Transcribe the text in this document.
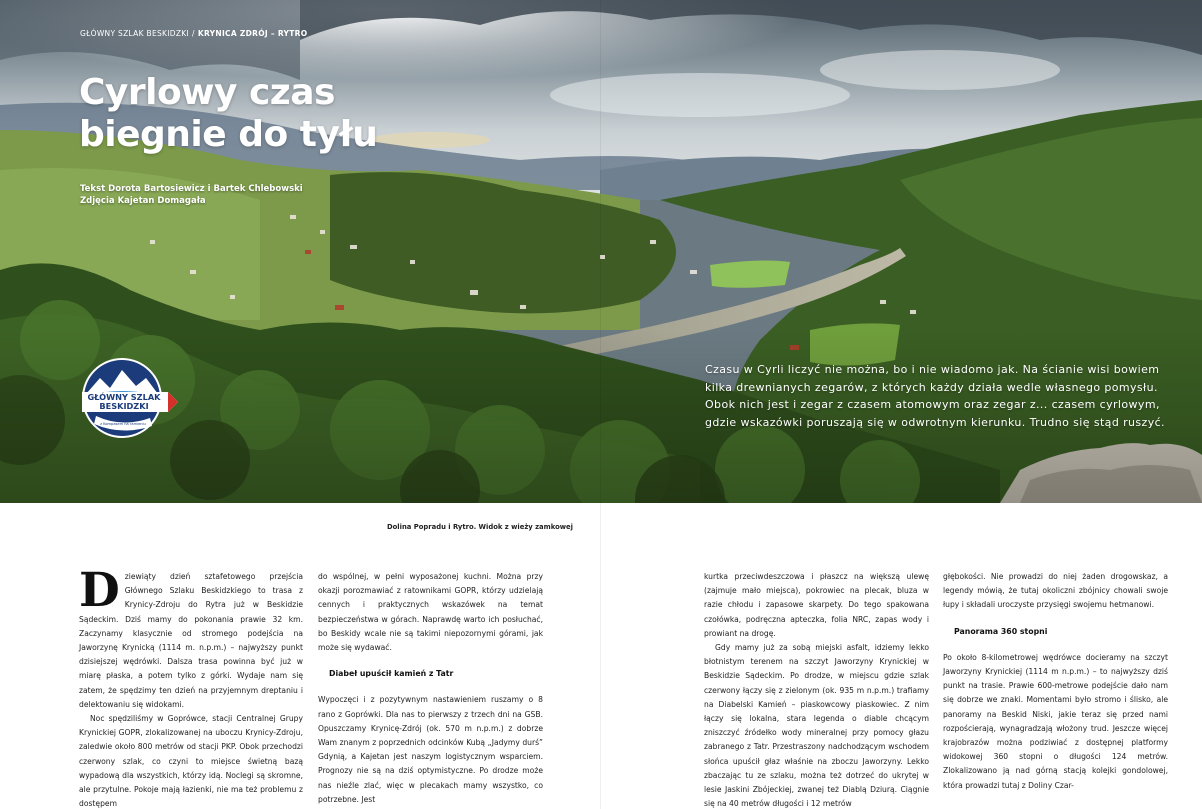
GŁÓWNY SZLAK BESKIDZKI / KRYNICA ZDRÓJ – RYTRO
Cyrlowy czas
biegnie do tyłu
Tekst Dorota Bartosiewicz i Bartek Chlebowski
Zdjęcia Kajetan Domagała

Czasu w Cyrli liczyć nie można, bo i nie wiadomo jak. Na ścianie wisi bowiem kilka drewnianych zegarów, z których każdy działa wedle własnego pomysłu. Obok nich jest i zegar z czasem atomowym oraz zegar z... czasem cyrlowym, gdzie wskazówki poruszają się w odwrotnym kierunku. Trudno się stąd ruszyć.

GŁÓWNY SZLAK
BESKIDZKI
z Kompasem na ramieniu
Dolina Popradu i Rytro. Widok z wieży zamkowej
D ziewiąty dzień sztafetowego przejścia Głównego Szlaku Beskidzkiego to trasa z Krynicy-Zdroju do Rytra już w Beskidzie Sądeckim. Dziś mamy do pokonania prawie 32 km. Zaczynamy klasycznie od stromego podejścia na Jaworzynę Krynicką (1114 m. n.p.m.) – najwyższy punkt dzisiejszej wędrówki. Dalsza trasa powinna być już w miarę płaska, a potem tylko z górki. Wydaje nam się zatem, że spędzimy ten dzień na przyjemnym dreptaniu i delektowaniu się widokami.

Noc spędziliśmy w Goprówce, stacji Centralnej Grupy Krynickiej GOPR, zlokalizowanej na uboczu Krynicy-Zdroju, zaledwie około 800 metrów od stacji PKP. Obok przechodzi czerwony szlak, co czyni to miejsce świetną bazą wypadową dla wszystkich, którzy idą. Noclegi są skromne, ale przytulne. Pokoje mają łazienki, nie ma też problemu z dostępem

do wspólnej, w pełni wyposażonej kuchni. Można przy okazji porozmawiać z ratownikami GOPR, którzy udzielają cennych i praktycznych wskazówek na temat bezpieczeństwa w górach. Naprawdę warto ich posłuchać, bo Beskidy wcale nie są takimi niepozornymi górami, jak może się wydawać.

Diabeł upuścił kamień z Tatr

Wypoczęci i z pozytywnym nastawieniem ruszamy o 8 rano z Goprówki. Dla nas to pierwszy z trzech dni na GSB. Opuszczamy Krynicę-Zdrój (ok. 570 m n.p.m.) z dobrze Wam znanym z poprzednich odcinków Kubą „Jadymy durś” Gdynią, a Kajetan jest naszym logistycznym wsparciem. Prognozy nie są na dziś optymistyczne. Po drodze może nas nieźle zlać, więc w plecakach mamy wszystko, co potrzebne. Jest

kurtka przeciwdeszczowa i płaszcz na większą ulewę (zajmuje mało miejsca), pokrowiec na plecak, bluza w razie chłodu i zapasowe skarpety. Do tego spakowana czołówka, podręczna apteczka, folia NRC, zapas wody i prowiant na drogę.

Gdy mamy już za sobą miejski asfalt, idziemy lekko błotnistym terenem na szczyt Jaworzyny Krynickiej w Beskidzie Sądeckim. Po drodze, w miejscu gdzie szlak czerwony łączy się z zielonym (ok. 935 m n.p.m.) trafiamy na Diabelski Kamień – piaskowcowy piaskowiec. Z nim łączy się lokalna, stara legenda o diable chcącym zniszczyć źródełko wody mineralnej przy pomocy głazu zabranego z Tatr. Przestraszony nadchodzącym wschodem słońca upuścił głaz właśnie na zboczu Jaworzyny. Lekko zbaczając tu ze szlaku, można też dotrzeć do ukrytej w lesie Jaskini Zbójeckiej, zwanej też Diablą Dziurą. Ciągnie się na 40 metrów długości i 12 metrów

głębokości. Nie prowadzi do niej żaden drogowskaz, a legendy mówią, że tutaj okoliczni zbójnicy chowali swoje łupy i składali uroczyste przysięgi swojemu hetmanowi.

Panorama 360 stopni

Po około 8-kilometrowej wędrówce docieramy na szczyt Jaworzyny Krynickiej (1114 m n.p.m.) – to najwyższy dziś punkt na trasie. Prawie 600-metrowe podejście dało nam się dobrze we znaki. Momentami było stromo i ślisko, ale panoramy na Beskid Niski, jakie teraz się przed nami rozpościerają, wynagradzają włożony trud. Jeszcze więcej krajobrazów można podziwiać z dostępnej platformy widokowej 360 stopni o długości 124 metrów. Zlokalizowano ją nad górną stacją kolejki gondolowej, która prowadzi tutaj z Doliny Czar-
